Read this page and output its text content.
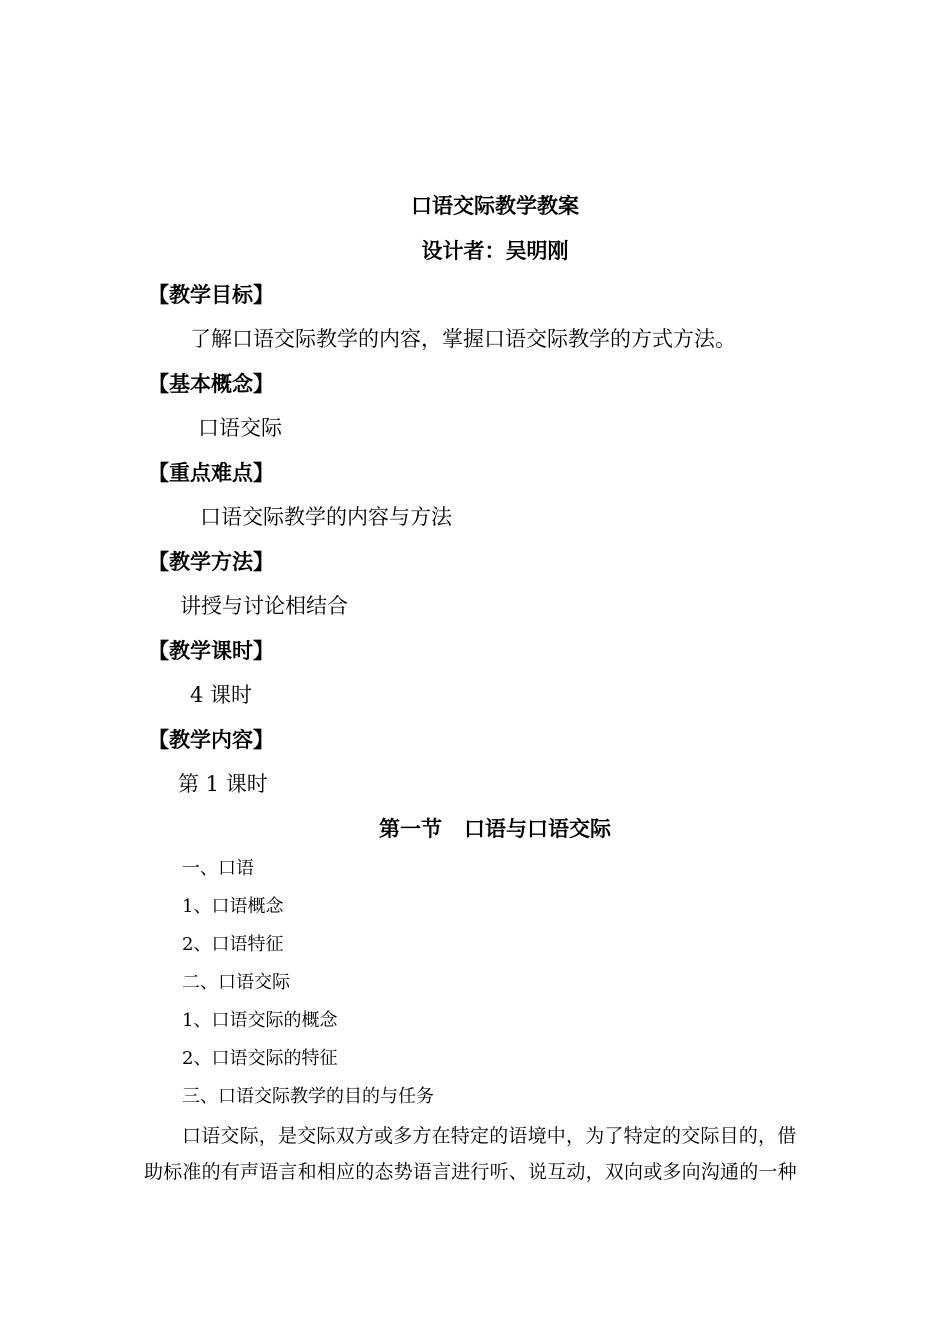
口语交际教学教案
设计者：吴明刚
【教学目标】
了解口语交际教学的内容，掌握口语交际教学的方式方法。
【基本概念】
口语交际
【重点难点】
口语交际教学的内容与方法
【教学方法】
讲授与讨论相结合
【教学课时】
4 课时
【教学内容】
第 1 课时
第一节   口语与口语交际
一、口语
1、口语概念
2、口语特征
二、口语交际
1、口语交际的概念
2、口语交际的特征
三、口语交际教学的目的与任务
口语交际，是交际双方或多方在特定的语境中，为了特定的交际目的，借
助标准的有声语言和相应的态势语言进行听、说互动，双向或多向沟通的一种
